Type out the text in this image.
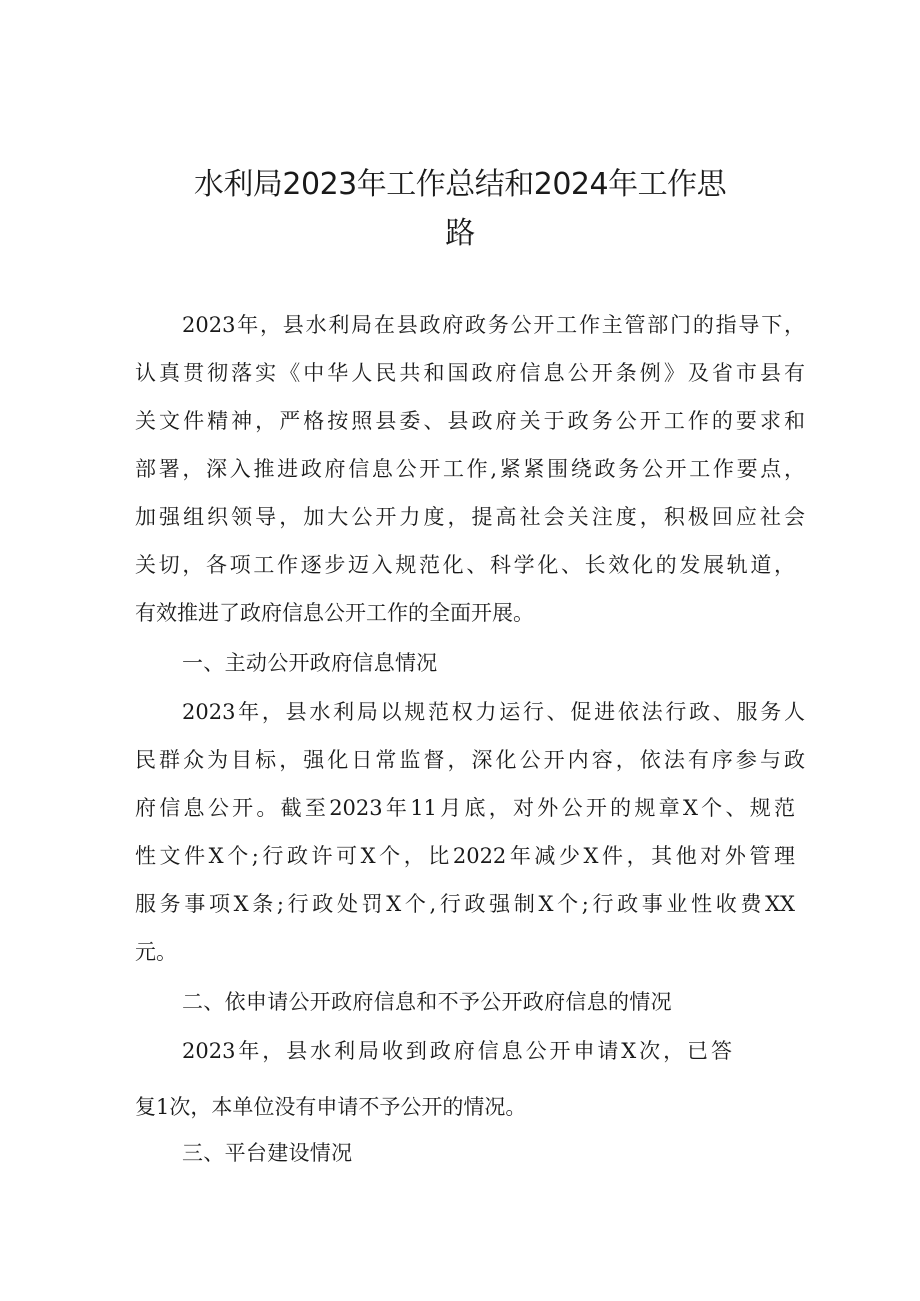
水利局2023年工作总结和2024年工作思
路

2023年，县水利局在县政府政务公开工作主管部门的指导下，

认真贯彻落实《中华人民共和国政府信息公开条例》及省市县有

关文件精神，严格按照县委、县政府关于政务公开工作的要求和

部署，深入推进政府信息公开工作,紧紧围绕政务公开工作要点，

加强组织领导，加大公开力度，提高社会关注度，积极回应社会

关切，各项工作逐步迈入规范化、科学化、长效化的发展轨道，

有效推进了政府信息公开工作的全面开展。

一、主动公开政府信息情况

2023年，县水利局以规范权力运行、促进依法行政、服务人

民群众为目标，强化日常监督，深化公开内容，依法有序参与政

府信息公开。截至2023年11月底，对外公开的规章X个、规范

性文件X个;行政许可X个，比2022年减少X件，其他对外管理

服务事项X条;行政处罚X个,行政强制X个;行政事业性收费XX

元。

二、依申请公开政府信息和不予公开政府信息的情况

2023年，县水利局收到政府信息公开申请X次，已答

复1次，本单位没有申请不予公开的情况。

三、平台建设情况
